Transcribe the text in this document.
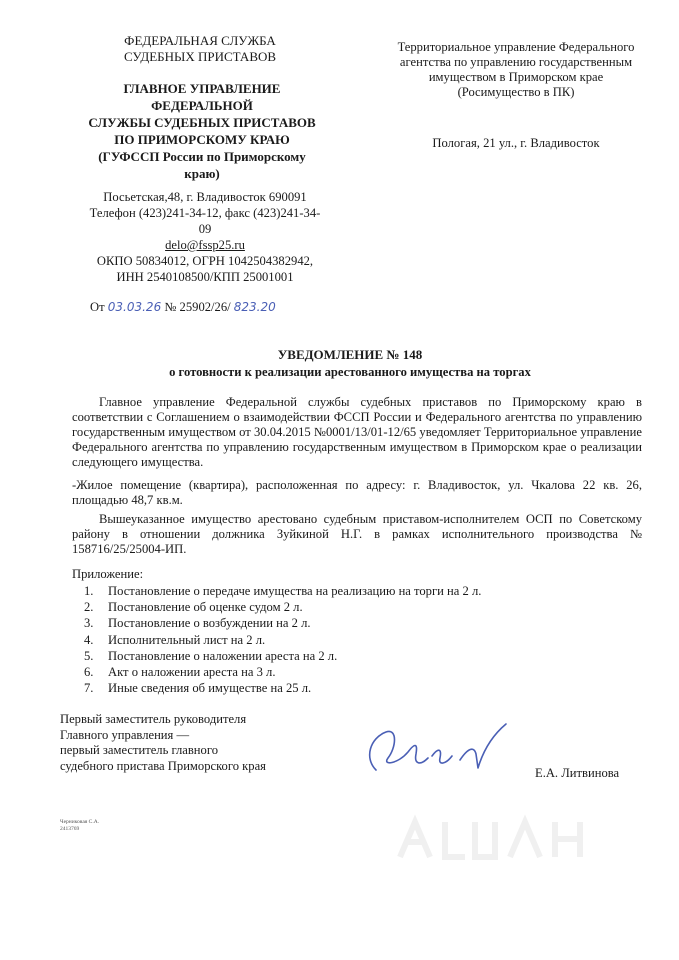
ФЕДЕРАЛЬНАЯ СЛУЖБА
СУДЕБНЫХ ПРИСТАВОВ
ГЛАВНОЕ УПРАВЛЕНИЕ
ФЕДЕРАЛЬНОЙ
СЛУЖБЫ СУДЕБНЫХ ПРИСТАВОВ
ПО ПРИМОРСКОМУ КРАЮ
(ГУФССП России по Приморскому
краю)
Посьетская,48, г. Владивосток 690091
Телефон (423)241-34-12, факс (423)241-34-
09
delo@fssp25.ru
ОКПО 50834012, ОГРН 1042504382942,
ИНН 2540108500/КПП 25001001
От 03.03.26 № 25902/26/ 823.20
Территориальное управление Федерального
агентства по управлению государственным
имуществом в Приморском крае
(Росимущество в ПК)
Пологая, 21 ул., г. Владивосток
УВЕДОМЛЕНИЕ № 148
о готовности к реализации арестованного имущества на торгах
Главное управление Федеральной службы судебных приставов по Приморскому краю в соответствии с Соглашением о взаимодействии ФССП России и Федерального агентства по управлению государственным имуществом от 30.04.2015 №0001/13/01-12/65 уведомляет Территориальное управление Федерального агентства по управлению государственным имуществом в Приморском крае о реализации следующего имущества.
-Жилое помещение (квартира), расположенная по адресу: г. Владивосток, ул. Чкалова 22 кв. 26, площадью 48,7 кв.м.
Вышеуказанное имущество арестовано судебным приставом-исполнителем ОСП по Советскому району в отношении должника Зуйкиной Н.Г. в рамках исполнительного производства № 158716/25/25004-ИП.
Приложение:
1. Постановление о передаче имущества на реализацию на торги на 2 л.
2. Постановление об оценке судом 2 л.
3. Постановление о возбуждении на 2 л.
4. Исполнительный лист на 2 л.
5. Постановление о наложении ареста на 2 л.
6. Акт о наложении ареста на 3 л.
7. Иные сведения об имуществе на 25 л.
Первый заместитель руководителя
Главного управления —
первый заместитель главного
судебного пристава Приморского края
Е.А. Литвинова
Черниковая С.А.
2413769
